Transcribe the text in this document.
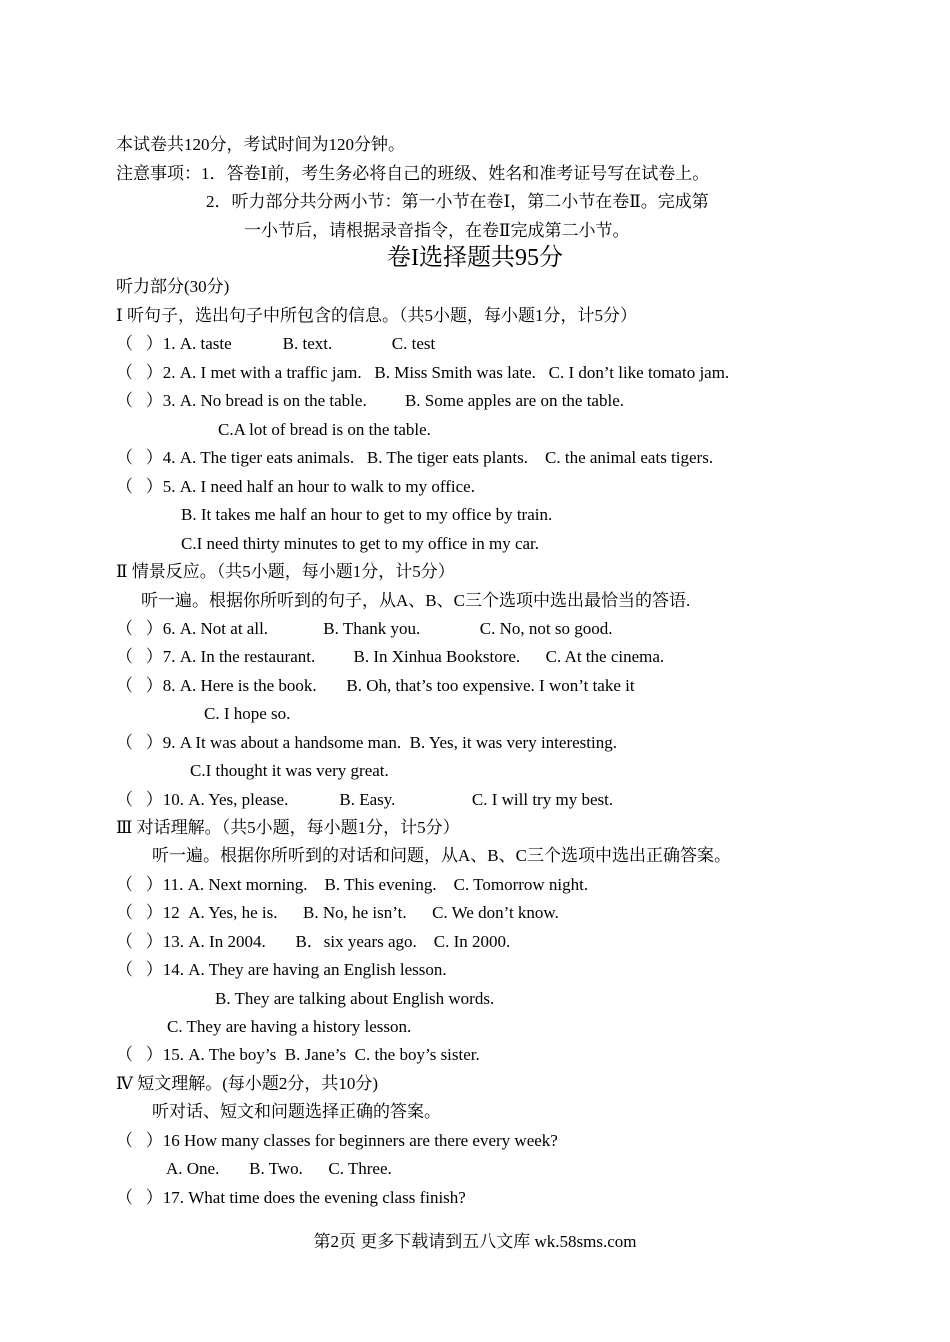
本试卷共120分，考试时间为120分钟。
注意事项：1．答卷Ⅰ前，考生务必将自己的班级、姓名和准考证号写在试卷上。
2．听力部分共分两小节：第一小节在卷Ⅰ，第二小节在卷Ⅱ。完成第
一小节后，请根据录音指令，在卷Ⅱ完成第二小节。
卷I选择题共95分
听力部分(30分)
Ⅰ 听句子，选出句子中所包含的信息。（共5小题，每小题1分，计5分）
（   ）1. A. taste            B. text.              C. test
（   ）2. A. I met with a traffic jam.   B. Miss Smith was late.   C. I don’t like tomato jam.
（   ）3. A. No bread is on the table.         B. Some apples are on the table.
C.A lot of bread is on the table.
（   ）4. A. The tiger eats animals.   B. The tiger eats plants.    C. the animal eats tigers.
（   ）5. A. I need half an hour to walk to my office.
B. It takes me half an hour to get to my office by train.
C.I need thirty minutes to get to my office in my car.
Ⅱ 情景反应。（共5小题，每小题1分，计5分）
听一遍。根据你所听到的句子，从A、B、C三个选项中选出最恰当的答语.
（   ）6. A. Not at all.             B. Thank you.              C. No, not so good.
（   ）7. A. In the restaurant.         B. In Xinhua Bookstore.      C. At the cinema.
（   ）8. A. Here is the book.       B. Oh, that’s too expensive. I won’t take it
C. I hope so.
（   ）9. A It was about a handsome man.  B. Yes, it was very interesting.
C.I thought it was very great.
（   ）10. A. Yes, please.            B. Easy.                  C. I will try my best.
Ⅲ 对话理解。（共5小题，每小题1分，计5分）
听一遍。根据你所听到的对话和问题，从A、B、C三个选项中选出正确答案。
（   ）11. A. Next morning.    B. This evening.    C. Tomorrow night.
（   ）12  A. Yes, he is.      B. No, he isn’t.      C. We don’t know.
（   ）13. A. In 2004.       B．six years ago.    C. In 2000.
（   ）14. A. They are having an English lesson.
B. They are talking about English words.
C. They are having a history lesson.
（   ）15. A. The boy’s  B. Jane’s  C. the boy’s sister.
Ⅳ 短文理解。(每小题2分，共10分)
听对话、短文和问题选择正确的答案。
（   ）16 How many classes for beginners are there every week?
A. One.       B. Two.      C. Three.
（   ）17. What time does the evening class finish?
第2页 更多下载请到五八文库 wk.58sms.com
